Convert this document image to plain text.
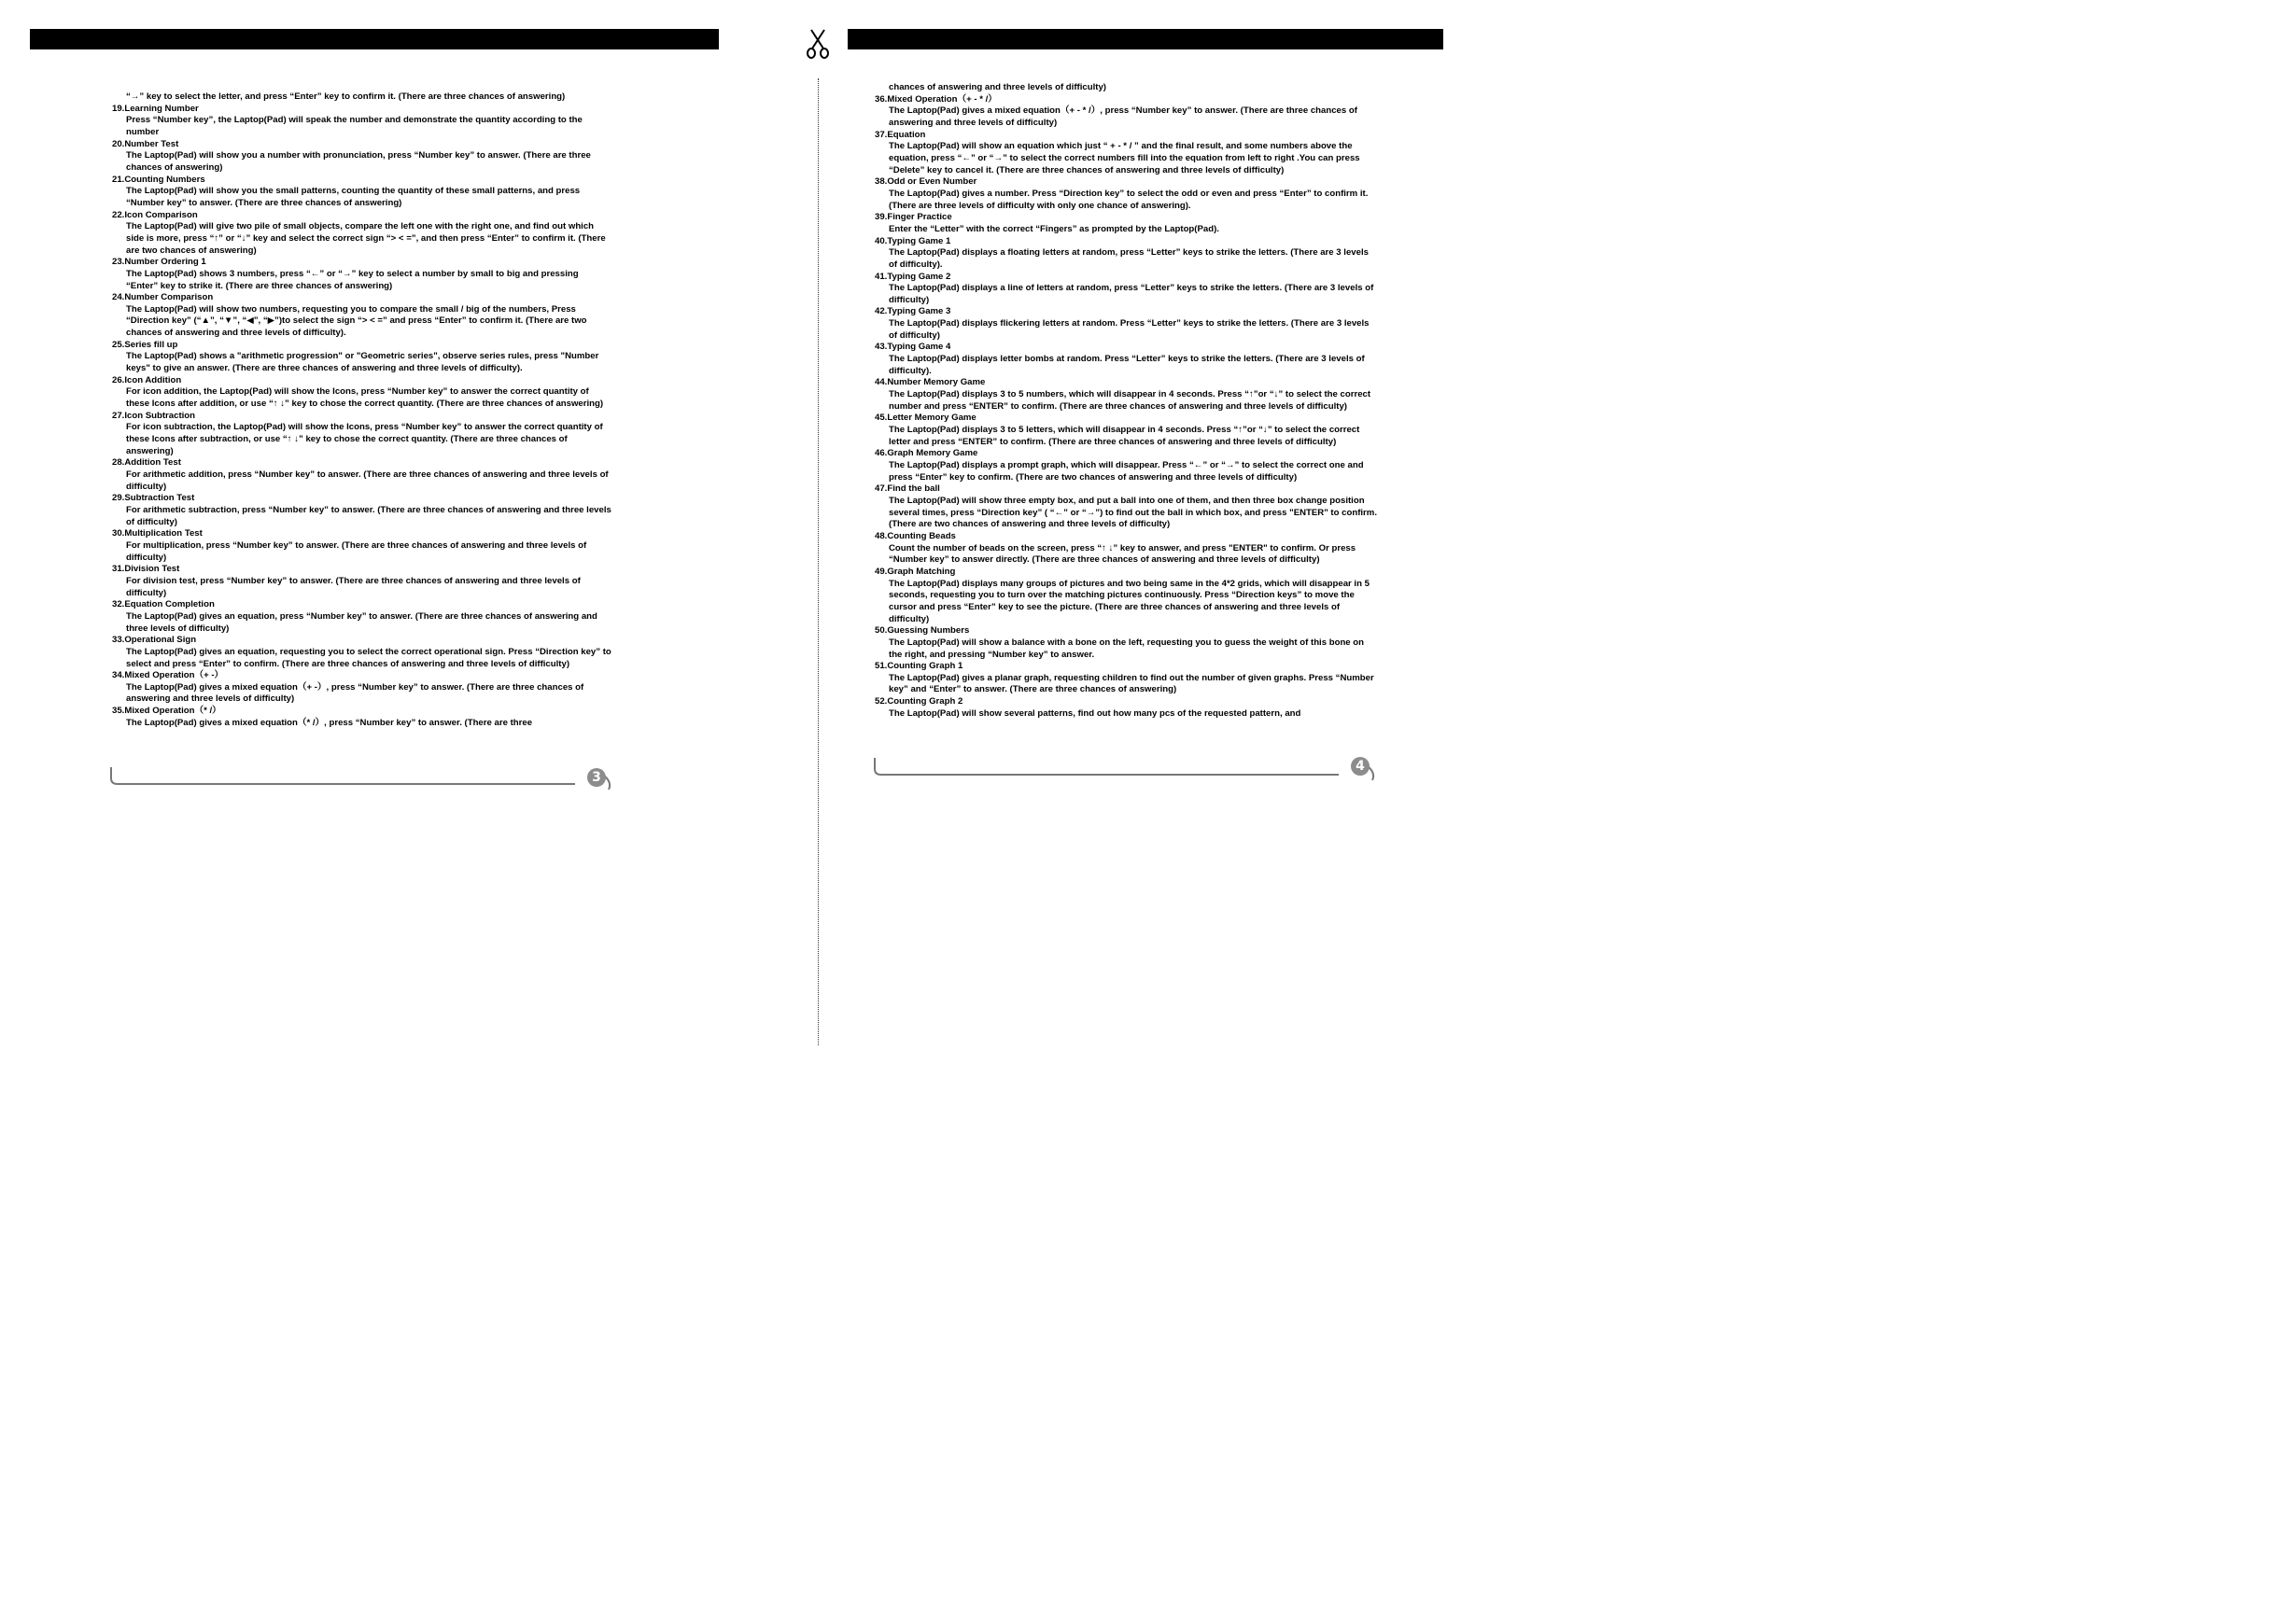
“→” key to select the letter, and press “Enter” key to confirm it. (There are three chances of answering)
19.Learning Number
Press “Number key”, the Laptop(Pad) will speak the number and demonstrate the quantity according to the number
20.Number Test
The Laptop(Pad) will show you a number with pronunciation, press “Number key” to answer. (There are three chances of answering)
21.Counting Numbers
The Laptop(Pad) will show you the small patterns, counting the quantity of these small patterns, and press “Number key” to answer. (There are three chances of answering)
22.Icon Comparison
The Laptop(Pad) will give two pile of small objects, compare the left one with the right one, and find out which side is more, press “↑” or “↓” key and select the correct sign “> < =”, and then press “Enter” to confirm it. (There are two chances of answering)
23.Number Ordering 1
The Laptop(Pad) shows 3 numbers, press “←” or “→” key to select a number by small to big and pressing “Enter” key to strike it. (There are three chances of answering)
24.Number Comparison
The Laptop(Pad) will show two numbers, requesting you to compare the small / big of the numbers, Press “Direction key” (“▲”, “▼”, “◀”, “▶”)to select the sign “> < =” and press “Enter” to confirm it. (There are two chances of answering and three levels of difficulty).
25.Series fill up
The Laptop(Pad) shows a "arithmetic progression" or "Geometric series", observe series rules, press "Number keys" to give an answer. (There are three chances of answering and three levels of difficulty).
26.Icon Addition
For icon addition, the Laptop(Pad) will show the Icons, press “Number key” to answer the correct quantity of these Icons after addition, or use “↑ ↓” key to chose the correct quantity. (There are three chances of answering)
27.Icon Subtraction
For icon subtraction, the Laptop(Pad) will show the Icons, press “Number key” to answer the correct quantity of these Icons after subtraction, or use “↑ ↓” key to chose the correct quantity. (There are three chances of answering)
28.Addition Test
For arithmetic addition, press “Number key” to answer. (There are three chances of answering and three levels of difficulty)
29.Subtraction Test
For arithmetic subtraction, press “Number key” to answer. (There are three chances of answering and three levels of difficulty)
30.Multiplication Test
For multiplication, press “Number key” to answer. (There are three chances of answering and three levels of difficulty)
31.Division Test
For division test, press “Number key” to answer. (There are three chances of answering and three levels of difficulty)
32.Equation Completion
The Laptop(Pad) gives an equation, press “Number key” to answer. (There are three chances of answering and three levels of difficulty)
33.Operational Sign
The Laptop(Pad) gives an equation, requesting you to select the correct operational sign. Press “Direction key” to select and press “Enter” to confirm. (There are three chances of answering and three levels of difficulty)
34.Mixed Operation（+ -）
The Laptop(Pad) gives a mixed equation（+ -）, press “Number key” to answer. (There are three chances of answering and three levels of difficulty)
35.Mixed Operation（* /）
The Laptop(Pad) gives a mixed equation（* /）, press “Number key” to answer. (There are three
chances of answering and three levels of difficulty)
36.Mixed Operation（+ - * /）
The Laptop(Pad) gives a mixed equation（+ - * /）, press “Number key” to answer. (There are three chances of answering and three levels of difficulty)
37.Equation
The Laptop(Pad) will show an equation which just “ + - * / ” and the final result, and some numbers above the equation, press “←” or “→” to select the correct numbers fill into the equation from left to right .You can press “Delete” key to cancel it. (There are three chances of answering and three levels of difficulty)
38.Odd or Even Number
The Laptop(Pad) gives a number. Press “Direction key” to select the odd or even and press “Enter” to confirm it. (There are three levels of difficulty with only one chance of answering).
39.Finger Practice
Enter the “Letter” with the correct “Fingers” as prompted by the Laptop(Pad).
40.Typing Game 1
The Laptop(Pad) displays a floating letters at random, press “Letter” keys to strike the letters. (There are 3 levels of difficulty).
41.Typing Game 2
The Laptop(Pad) displays a line of letters at random, press “Letter” keys to strike the letters. (There are 3 levels of difficulty)
42.Typing Game 3
The Laptop(Pad) displays flickering letters at random. Press “Letter” keys to strike the letters. (There are 3 levels of difficulty)
43.Typing Game 4
The Laptop(Pad) displays letter bombs at random. Press “Letter” keys to strike the letters. (There are 3 levels of difficulty).
44.Number Memory Game
The Laptop(Pad) displays 3 to 5 numbers, which will disappear in 4 seconds. Press “↑”or “↓” to select the correct number and press “ENTER” to confirm. (There are three chances of answering and three levels of difficulty)
45.Letter Memory Game
The Laptop(Pad) displays 3 to 5 letters, which will disappear in 4 seconds. Press “↑”or “↓” to select the correct letter and press “ENTER” to confirm. (There are three chances of answering and three levels of difficulty)
46.Graph Memory Game
The Laptop(Pad) displays a prompt graph, which will disappear. Press “←” or “→” to select the correct one and press “Enter” key to confirm. (There are two chances of answering and three levels of difficulty)
47.Find the ball
The Laptop(Pad) will show three empty box, and put a ball into one of them, and then three box change position several times, press “Direction key” ( “←” or “→”) to find out the ball in which box, and press "ENTER" to confirm. (There are two chances of answering and three levels of difficulty)
48.Counting Beads
Count the number of beads on the screen, press “↑ ↓” key to answer, and press "ENTER" to confirm. Or press “Number key” to answer directly. (There are three chances of answering and three levels of difficulty)
49.Graph Matching
The Laptop(Pad) displays many groups of pictures and two being same in the 4*2 grids, which will disappear in 5 seconds, requesting you to turn over the matching pictures continuously. Press “Direction keys” to move the cursor and press “Enter” key to see the picture. (There are three chances of answering and three levels of difficulty)
50.Guessing Numbers
The Laptop(Pad) will show a balance with a bone on the left, requesting you to guess the weight of this bone on the right, and pressing “Number key” to answer.
51.Counting Graph 1
The Laptop(Pad) gives a planar graph, requesting children to find out the number of given graphs. Press “Number key” and “Enter” to answer. (There are three chances of answering)
52.Counting Graph 2
The Laptop(Pad) will show several patterns, find out how many pcs of the requested pattern, and
3
4
